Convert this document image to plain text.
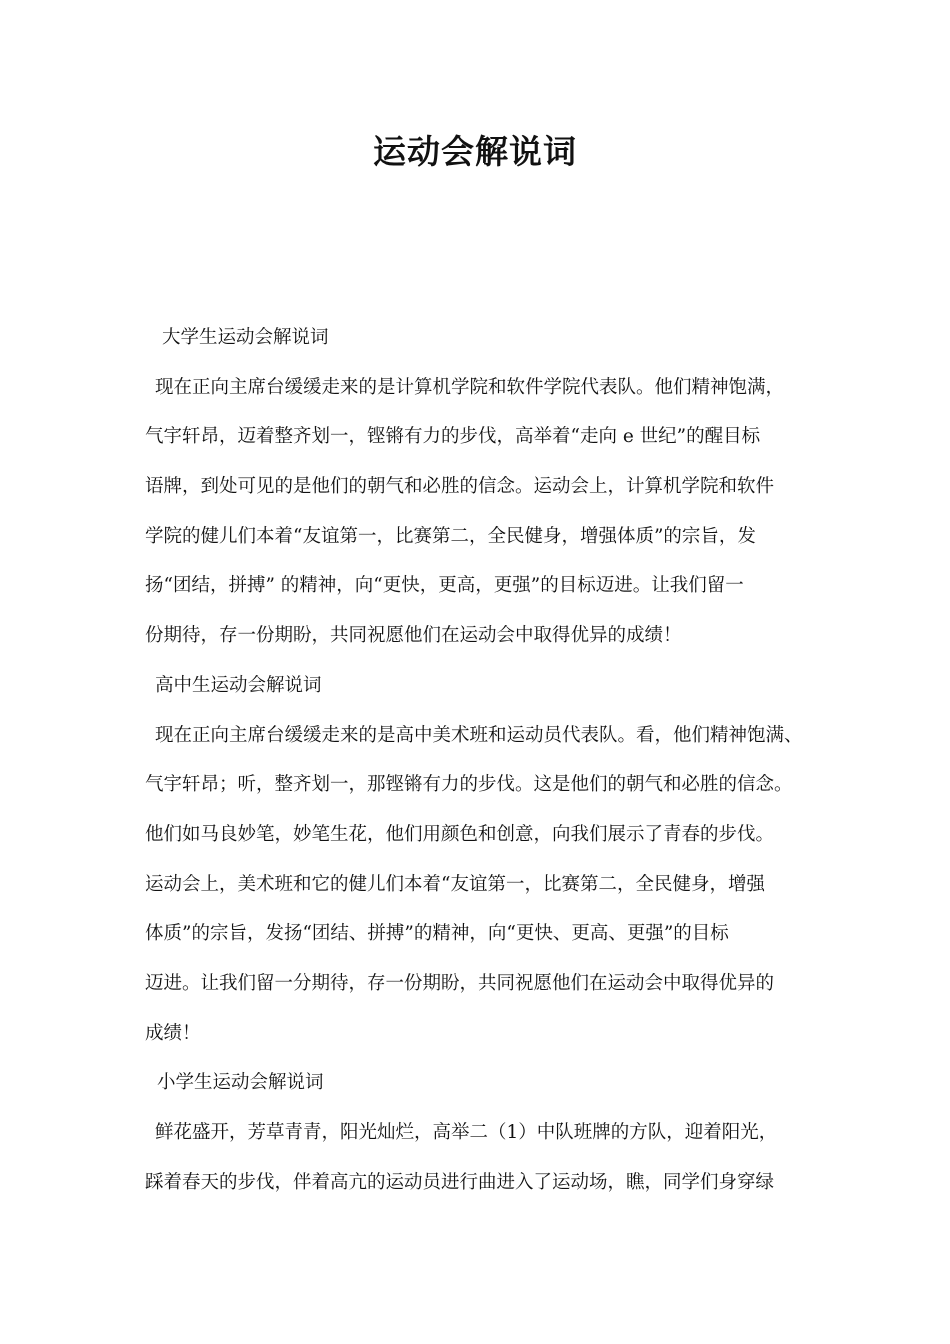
运动会解说词
大学生运动会解说词
现在正向主席台缓缓走来的是计算机学院和软件学院代表队。他们精神饱满，
气宇轩昂，迈着整齐划一，铿锵有力的步伐，高举着“走向 e 世纪”的醒目标
语牌，到处可见的是他们的朝气和必胜的信念。运动会上，计算机学院和软件
学院的健儿们本着“友谊第一，比赛第二，全民健身，增强体质”的宗旨，发
扬“团结，拼搏” 的精神，向“更快，更高，更强”的目标迈进。让我们留一
份期待，存一份期盼，共同祝愿他们在运动会中取得优异的成绩！
高中生运动会解说词
现在正向主席台缓缓走来的是高中美术班和运动员代表队。看，他们精神饱满、
气宇轩昂；听，整齐划一，那铿锵有力的步伐。这是他们的朝气和必胜的信念。
他们如马良妙笔，妙笔生花，他们用颜色和创意，向我们展示了青春的步伐。
运动会上，美术班和它的健儿们本着“友谊第一，比赛第二，全民健身，增强
体质”的宗旨，发扬“团结、拼搏”的精神，向“更快、更高、更强”的目标
迈进。让我们留一分期待，存一份期盼，共同祝愿他们在运动会中取得优异的
成绩！
小学生运动会解说词
鲜花盛开，芳草青青，阳光灿烂，高举二（1）中队班牌的方队，迎着阳光，
踩着春天的步伐，伴着高亢的运动员进行曲进入了运动场，瞧，同学们身穿绿
